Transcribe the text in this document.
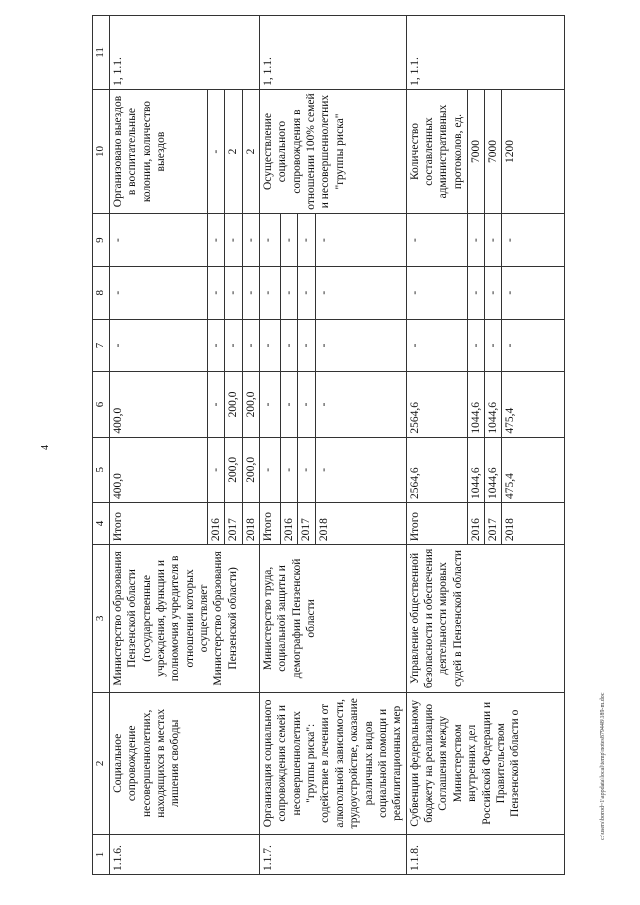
4
1	2	3	4	5	6	7	8	9	10	11
1.1.6.	Социальное сопровождение несовершеннолетних, находящихся в местах лишения свободы	Министерство образования Пензенской области (государственные учреждения, функции и полномочия учредителя в отношении которых осуществляет Министерство образования Пензенской области)	Итого	400,0	400,0	-	-	-	Организовано выездов в воспитательные колонии, количество выездов	1, 1.1.
			2016	-	-	-	-	-	-	
			2017	200,0	200,0	-	-	-	2	
			2018	200,0	200,0	-	-	-	2	
1.1.7.	Организация социального сопровождения семей и несовершеннолетних "группы риска": содействие в лечении от алкогольной зависимости, трудоустройстве, оказание различных видов социальной помощи и реабилитационных мер	Министерство труда, социальной защиты и демографии Пензенской области	Итого	-	-	-	-	-	Осуществление социального сопровождения в отношении 100% семей и несовершеннолетних "группы риска"	1, 1.1.
			2016	-	-	-	-	-		
			2017	-	-	-	-	-		
			2018	-	-	-	-	-		
1.1.8.	Субвенции федеральному бюджету на реализацию Соглашения между Министерством внутренних дел Российской Федерации и Правительством Пензенской области о	Управление общественной безопасности и обеспечения деятельности мировых судей в Пензенской области	Итого	2564,6	2564,6	-	-	-	Количество составленных административных протоколов, ед.	1, 1.1.
			2016	1044,6	1044,6	-	-	-	7000	
			2017	1044,6	1044,6	-	-	-	7000	
			2018	475,4	475,4	-	-	-	1200	
c:\users\borod~1\appdata\local\temp\notes879448\189-m.doc
